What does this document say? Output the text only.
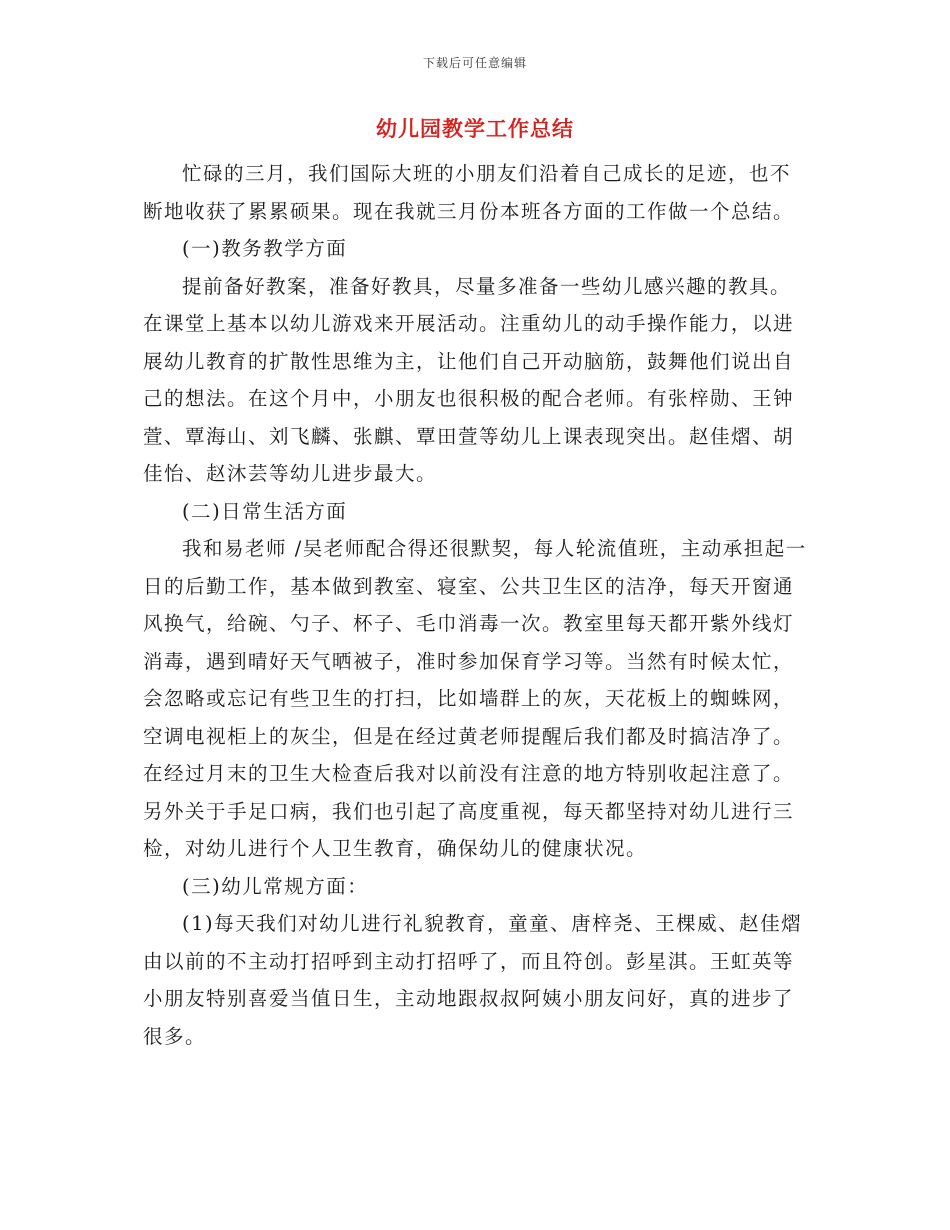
下载后可任意编辑
幼儿园教学工作总结

忙碌的三月，我们国际大班的小朋友们沿着自己成长的足迹，也不断地收获了累累硕果。现在我就三月份本班各方面的工作做一个总结。

(一)教务教学方面

提前备好教案，准备好教具，尽量多准备一些幼儿感兴趣的教具。在课堂上基本以幼儿游戏来开展活动。注重幼儿的动手操作能力，以进展幼儿教育的扩散性思维为主，让他们自己开动脑筋，鼓舞他们说出自己的想法。在这个月中，小朋友也很积极的配合老师。有张梓勋、王钟萱、覃海山、刘飞麟、张麒、覃田萱等幼儿上课表现突出。赵佳熠、胡佳怡、赵沐芸等幼儿进步最大。

(二)日常生活方面

我和易老师 /吴老师配合得还很默契，每人轮流值班，主动承担起一日的后勤工作，基本做到教室、寝室、公共卫生区的洁净，每天开窗通风换气，给碗、勺子、杯子、毛巾消毒一次。教室里每天都开紫外线灯消毒，遇到晴好天气晒被子，准时参加保育学习等。当然有时候太忙，会忽略或忘记有些卫生的打扫，比如墙群上的灰，天花板上的蜘蛛网，空调电视柜上的灰尘，但是在经过黄老师提醒后我们都及时搞洁净了。在经过月末的卫生大检查后我对以前没有注意的地方特别收起注意了。另外关于手足口病，我们也引起了高度重视，每天都坚持对幼儿进行三检，对幼儿进行个人卫生教育，确保幼儿的健康状况。

(三)幼儿常规方面：

(1)每天我们对幼儿进行礼貌教育，童童、唐梓尧、王棵威、赵佳熠由以前的不主动打招呼到主动打招呼了，而且符创。彭星淇。王虹英等小朋友特别喜爱当值日生，主动地跟叔叔阿姨小朋友问好，真的进步了很多。
